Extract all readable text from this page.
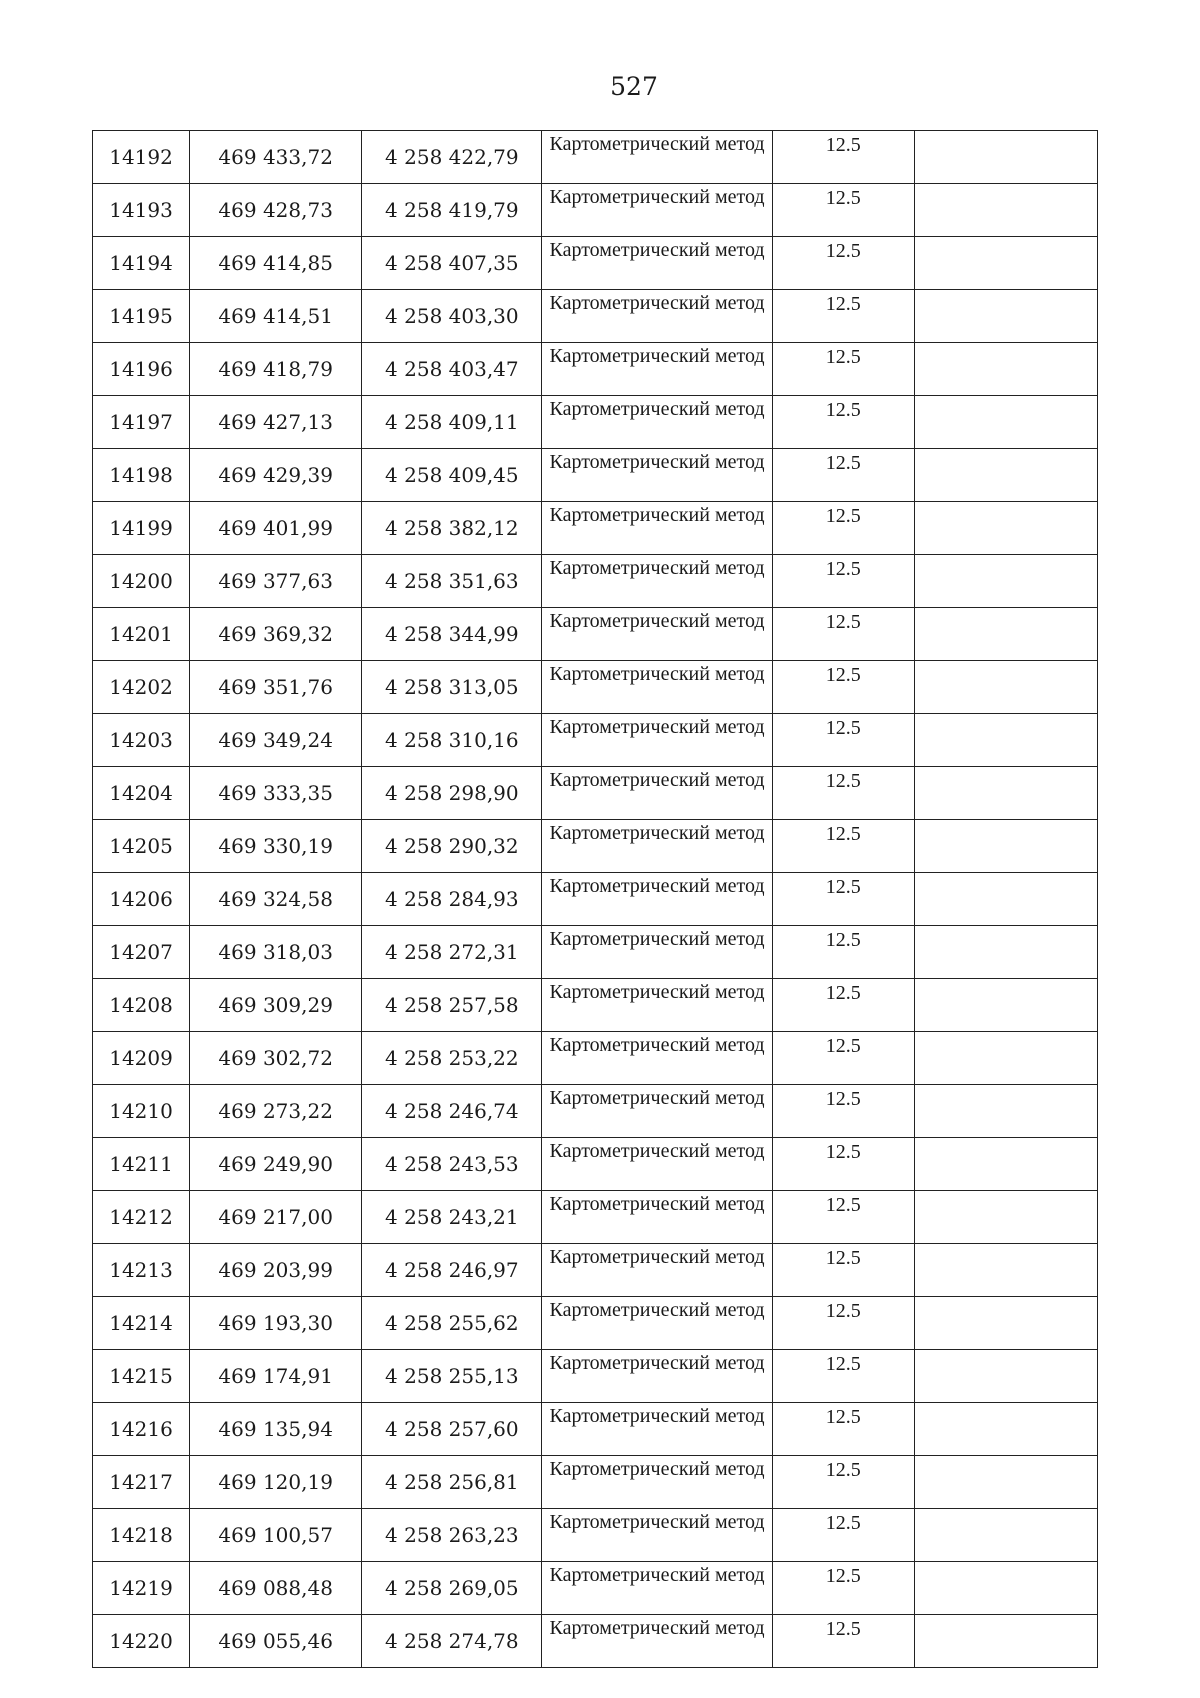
527
14192	469 433,72	4 258 422,79	Картометрический метод	12.5	
14193	469 428,73	4 258 419,79	Картометрический метод	12.5	
14194	469 414,85	4 258 407,35	Картометрический метод	12.5	
14195	469 414,51	4 258 403,30	Картометрический метод	12.5	
14196	469 418,79	4 258 403,47	Картометрический метод	12.5	
14197	469 427,13	4 258 409,11	Картометрический метод	12.5	
14198	469 429,39	4 258 409,45	Картометрический метод	12.5	
14199	469 401,99	4 258 382,12	Картометрический метод	12.5	
14200	469 377,63	4 258 351,63	Картометрический метод	12.5	
14201	469 369,32	4 258 344,99	Картометрический метод	12.5	
14202	469 351,76	4 258 313,05	Картометрический метод	12.5	
14203	469 349,24	4 258 310,16	Картометрический метод	12.5	
14204	469 333,35	4 258 298,90	Картометрический метод	12.5	
14205	469 330,19	4 258 290,32	Картометрический метод	12.5	
14206	469 324,58	4 258 284,93	Картометрический метод	12.5	
14207	469 318,03	4 258 272,31	Картометрический метод	12.5	
14208	469 309,29	4 258 257,58	Картометрический метод	12.5	
14209	469 302,72	4 258 253,22	Картометрический метод	12.5	
14210	469 273,22	4 258 246,74	Картометрический метод	12.5	
14211	469 249,90	4 258 243,53	Картометрический метод	12.5	
14212	469 217,00	4 258 243,21	Картометрический метод	12.5	
14213	469 203,99	4 258 246,97	Картометрический метод	12.5	
14214	469 193,30	4 258 255,62	Картометрический метод	12.5	
14215	469 174,91	4 258 255,13	Картометрический метод	12.5	
14216	469 135,94	4 258 257,60	Картометрический метод	12.5	
14217	469 120,19	4 258 256,81	Картометрический метод	12.5	
14218	469 100,57	4 258 263,23	Картометрический метод	12.5	
14219	469 088,48	4 258 269,05	Картометрический метод	12.5	
14220	469 055,46	4 258 274,78	Картометрический метод	12.5	
